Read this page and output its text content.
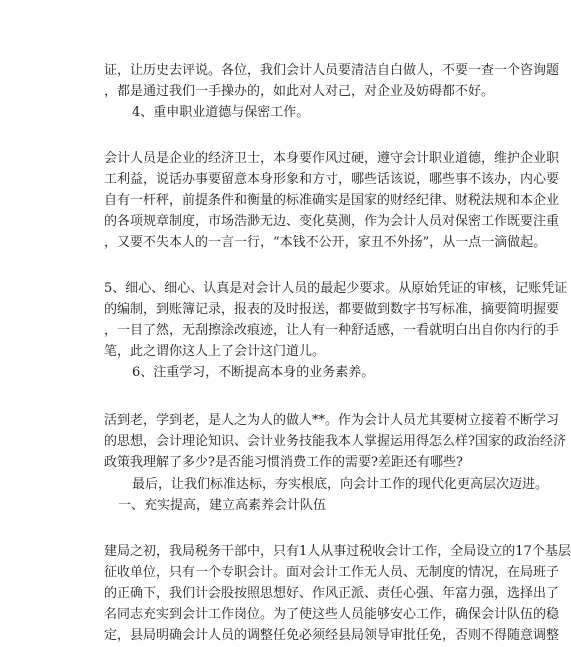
证，让历史去评说。各位，我们会计人员要清洁自白做人，不要一查一个咨询题
，都是通过我们一手操办的，如此对人对己，对企业及妨碍都不好。
4、重申职业道德与保密工作。
会计人员是企业的经济卫士，本身要作风过硬，遵守会计职业道德，维护企业职
工利益，说话办事要留意本身形象和方寸，哪些话该说，哪些事不该办，内心要
自有一杆秤，前提条件和衡量的标准确实是国家的财经纪律、财税法规和本企业
的各项规章制度，市场浩渺无边、变化莫测，作为会计人员对保密工作既要注重
，又要不失本人的一言一行，“本钱不公开，家丑不外扬”，从一点一滴做起。
5、细心、细心、认真是对会计人员的最起少要求。从原始凭证的审核，记账凭证
的编制，到账簿记录，报表的及时报送，都要做到数字书写标准，摘要简明握要
，一目了然，无刮擦涂改痕迹，让人有一种舒适感，一看就明白出自你内行的手
笔，此之谓你这人上了会计这门道儿。
6、注重学习，不断提高本身的业务素养。
活到老，学到老，是人之为人的做人**。作为会计人员尤其要树立接着不断学习
的思想，会计理论知识、会计业务技能我本人掌握运用得怎么样?国家的政治经济
政策我理解了多少?是否能习惯消费工作的需要?差距还有哪些?
最后，让我们标准达标，夯实根底，向会计工作的现代化更高层次迈进。
一、充实提高，建立高素养会计队伍
建局之初，我局税务干部中，只有1人从事过税收会计工作，全局设立的17个基层
征收单位，只有一个专职会计。面对会计工作无人员、无制度的情况，在局班子
的正确下，我们计会股按照思想好、作风正派、责任心强、年富力强，选择出了
名同志充实到会计工作岗位。为了使这些人员能够安心工作，确保会计队伍的稳
定，县局明确会计人员的调整任免必须经县局领导审批任免，否则不得随意调整
